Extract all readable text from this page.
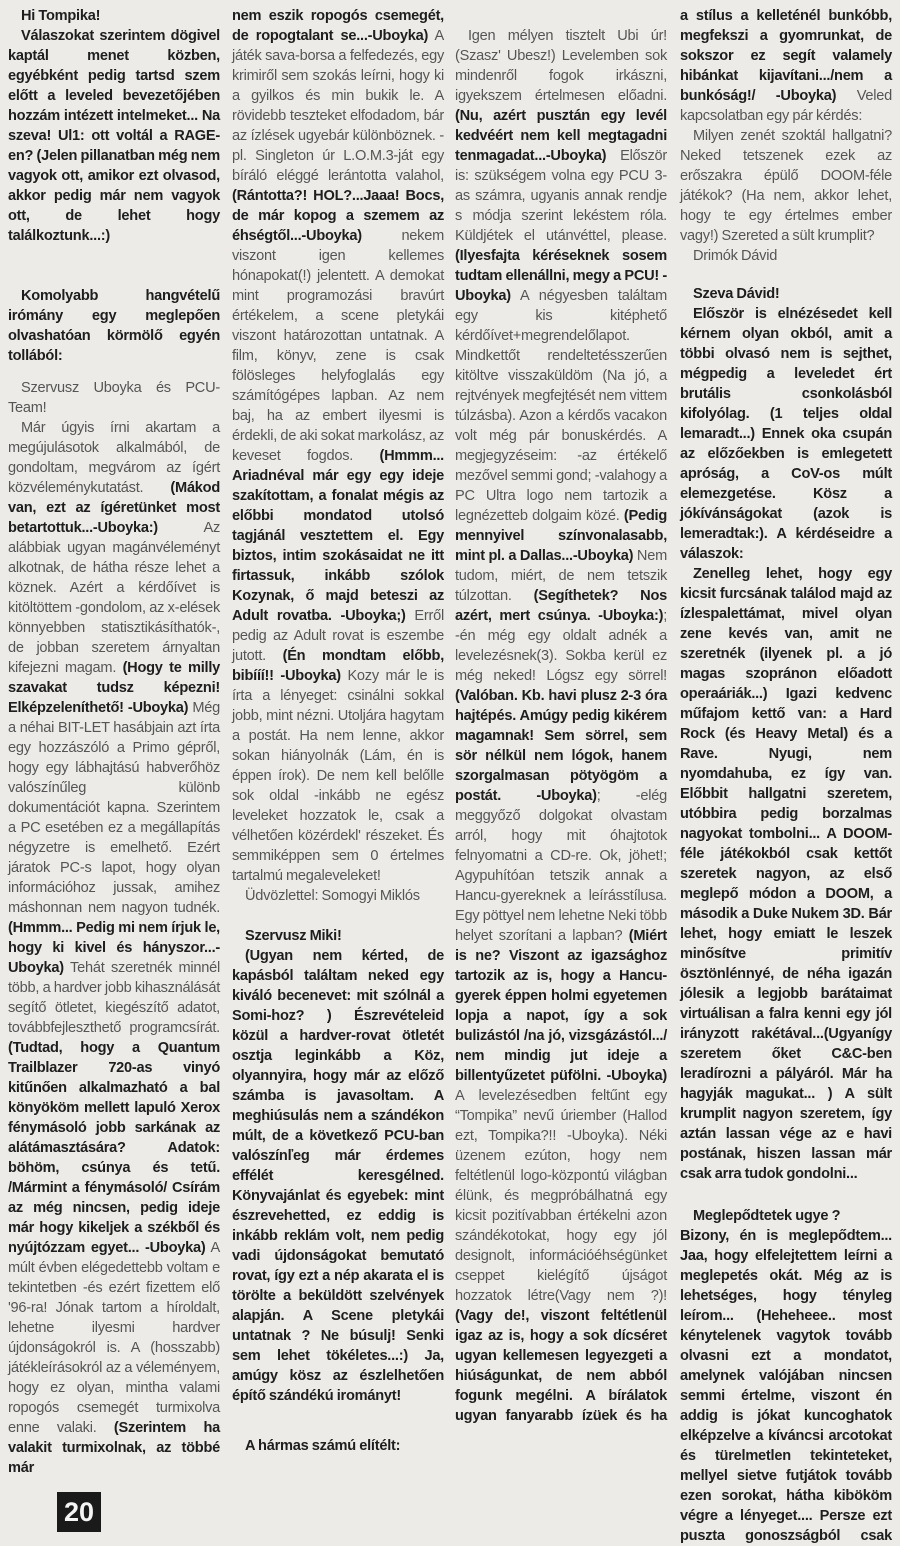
Hi Tompika!

Válaszokat szerintem dögivel kaptál menet közben, egyébként pedig tartsd szem előtt a leveled bevezetőjében hozzám intézett intelmeket... Na szeva! Ul1: ott voltál a RAGE-en? (Jelen pillanatban még nem vagyok ott, amikor ezt olvasod, akkor pedig már nem vagyok ott, de lehet hogy találkoztunk...:)

Komolyabb hangvételű irómány egy meglepően olvashatóan körmölő egyén tollából:

Szervusz Uboyka és PCU-Team!

Már úgyis írni akartam a megújulásotok alkalmából, de gondoltam, megvárom az ígért közvéleménykutatást. (Mákod van, ezt az ígéretünket most betartottuk...-Uboyka:) Az alábbiak ugyan magánvéleményt alkotnak, de hátha része lehet a köznek. Azért a kérdőívet is kitöltöttem -gondolom, az x-elések könnyebben statisztikásíthatók-, de jobban szeretem árnyaltan kifejezni magam. (Hogy te milly szavakat tudsz képezni! Elképzeleníthető! -Uboyka) Még a néhai BIT-LET hasábjain azt írta egy hozzászóló a Primo gépről, hogy egy lábhajtású habverőhöz valószínűleg különb dokumentációt kapna. Szerintem a PC esetében ez a megállapítás négyzetre is emelhető. Ezért járatok PC-s lapot, hogy olyan információhoz jussak, amihez máshonnan nem nagyon tudnék. (Hmmm... Pedig mi nem írjuk le, hogy ki kivel és hányszor...-Uboyka) Tehát szeretnék minnél több, a hardver jobb kihasználását segítő ötletet, kiegészítő adatot, továbbfejleszthető programcsírát. (Tudtad, hogy a Quantum Trailblazer 720-as vinyó kitűnően alkalmazható a bal könyököm mellett lapuló Xerox fénymásoló jobb sarkának az alátámasztására? Adatok: böhöm, csúnya és tetű. /Mármint a fénymásoló/ Csírám az még nincsen, pedig ideje már hogy kikeljek a székből és nyújtózzam egyet... -Uboyka) A múlt évben elégedettebb voltam e tekintetben -és ezért fizettem elő '96-ra! Jónak tartom a híroldalt, lehetne ilyesmi hardver újdonságokról is. A (hosszabb) játékleírásokról az a véleményem, hogy ez olyan, mintha valami ropogós csemegét turmixolva enne valaki. (Szerintem ha valakit turmixolnak, az többé már

20

nem eszik ropogós csemegét, de ropogtalant se...-Uboyka) A játék sava-borsa a felfedezés, egy krimiről sem szokás leírni, hogy ki a gyilkos és min bukik le. A rövidebb teszteket elfodadom, bár az ízlések ugyebár különböznek. -pl. Singleton úr L.O.M.3-ját egy bíráló eléggé lerántotta valahol, (Rántotta?! HOL?...Jaaa! Bocs, de már kopog a szemem az éhségtől...-Uboyka) nekem viszont igen kellemes hónapokat(!) jelentett. A demokat mint programozási bravúrt értékelem, a scene pletykái viszont határozottan untatnak. A film, könyv, zene is csak fölösleges helyfoglalás egy számítógépes lapban. Az nem baj, ha az embert ilyesmi is érdekli, de aki sokat markolász, az keveset fogdos. (Hmmm... Ariadnéval már egy egy ideje szakítottam, a fonalat mégis az előbbi mondatod utolsó tagjánál vesztettem el. Egy biztos, intim szokásaidat ne itt firtassuk, inkább szólok Kozynak, ő majd beteszi az Adult rovatba. -Uboyka;) Erről pedig az Adult rovat is eszembe jutott. (Én mondtam előbb, bibííí!! -Uboyka) Kozy már le is írta a lényeget: csinálni sokkal jobb, mint nézni. Utoljára hagytam a postát. Ha nem lenne, akkor sokan hiányolnák (Lám, én is éppen írok). De nem kell belőlle sok oldal -inkább ne egész leveleket hozzatok le, csak a vélhetően közérdekl' részeket. És semmiképpen sem 0 értelmes tartalmú megaleveleket!

Üdvözlettel: Somogyi Miklós

Szervusz Miki!

(Ugyan nem kérted, de kapásból találtam neked egy kiváló becenevet: mit szólnál a Somi-hoz? ) Észrevételeid közül a hardver-rovat ötletét osztja leginkább a Köz, olyannyira, hogy már az előző számba is javasoltam. A meghiúsulás nem a szándékon múlt, de a következő PCU-ban valószínľeg már érdemes effélét keresgélned. Könyvajánlat és egyebek: mint észrevehetted, ez eddig is inkább reklám volt, nem pedig vadi újdonságokat bemutató rovat, így ezt a nép akarata el is törölte a beküldött szelvények alapján. A Scene pletykái untatnak ? Ne búsulj! Senki sem lehet tökéletes...:) Ja, amúgy kösz az észlelhetően építő szándékú irományt!

A hármas számú elítélt:

Igen mélyen tisztelt Ubi úr! (Szasz' Ubesz!) Levelemben sok mindenről fogok irkászni, igyekszem értelmesen előadni. (Nu, azért pusztán egy levél kedvéért nem kell megtagadni tenmagadat...-Uboyka) Először is: szükségem volna egy PCU 3-as számra, ugyanis annak rendje s módja szerint lekéstem róla. Küldjétek el utánvéttel, please. (Ilyesfajta kéréseknek sosem tudtam ellenállni, megy a PCU! -Uboyka) A négyesben találtam egy kis kitéphető kérdőívet+megrendelőlapot. Mindkettőt rendeltetésszerűen kitöltve visszaküldöm (Na jó, a rejtvények megfejtését nem vittem túlzásba). Azon a kérdős vacakon volt még pár bonuskérdés. A megjegyzéseim: -az értékelő mezővel semmi gond; -valahogy a PC Ultra logo nem tartozik a legnézetteb dolgaim közé. (Pedig mennyivel színvonalasabb, mint pl. a Dallas...-Uboyka) Nem tudom, miért, de nem tetszik túlzottan. (Segíthetek? Nos azért, mert csúnya. -Uboyka:); -én még egy oldalt adnék a levelezésnek(3). Sokba kerül ez még neked! Lógsz egy sörrel! (Valóban. Kb. havi plusz 2-3 óra hajtépés. Amúgy pedig kikérem magamnak! Sem sörrel, sem sör nélkül nem lógok, hanem szorgalmasan pötyögöm a postát. -Uboyka); -elég meggyőző dolgokat olvastam arról, hogy mit óhajtotok felnyomatni a CD-re. Ok, jöhet!; Agypuhítóan tetszik annak a Hancu-gyereknek a leírásstílusa. Egy pöttyel nem lehetne Neki több helyet szorítani a lapban? (Miért is ne? Viszont az igazsághoz tartozik az is, hogy a Hancu-gyerek éppen holmi egyetemen lopja a napot, így a sok bulizástól /na jó, vizsgázástól.../ nem mindig jut ideje a billentyűzetet püfölni. -Uboyka) A levelezésedben feltűnt egy “Tompika” nevű úriember (Hallod ezt, Tompika?!! -Uboyka). Néki üzenem ezúton, hogy nem feltétlenül logo-központú világban élünk, és megpróbálhatná egy kicsit pozitívabban értékelni azon szándékotokat, hogy egy jól designolt, információéhségünket cseppet kielégítő újságot hozzatok létre(Vagy nem ?)! (Vagy de!, viszont feltétlenül igaz az is, hogy a sok dícséret ugyan kellemesen legyezgeti a hiúságunkat, de nem abból fogunk megélni. A bírálatok ugyan fanyarabb ízüek és ha

a stílus a kelleténél bunkóbb, megfekszi a gyomrunkat, de sokszor ez segít valamely hibánkat kijavítani.../nem a bunkóság!/ -Uboyka) Veled kapcsolatban egy pár kérdés:

Milyen zenét szoktál hallgatni? Neked tetszenek ezek az erőszakra épülő DOOM-féle játékok? (Ha nem, akkor lehet, hogy te egy értelmes ember vagy!) Szereted a sült krumplit?

Drimók Dávid

Szeva Dávid!

Először is elnézésedet kell kérnem olyan okból, amit a többi olvasó nem is sejthet, mégpedig a leveledet ért brutális csonkolásból kifolyólag. (1 teljes oldal lemaradt...) Ennek oka csupán az előzőekben is emlegetett apróság, a CoV-os múlt elemezgetése. Kösz a jókívánságokat (azok is lemeradtak:). A kérdéseidre a válaszok:

Zenelleg lehet, hogy egy kicsit furcsának találod majd az ízlespalettámat, mivel olyan zene kevés van, amit ne szeretnék (ilyenek pl. a jó magas szopránon előadott operaáriák...) Igazi kedvenc műfajom kettő van: a Hard Rock (és Heavy Metal) és a Rave. Nyugi, nem nyomdahuba, ez így van. Előbbit hallgatni szeretem, utóbbira pedig borzalmas nagyokat tombolni... A DOOM-féle játékokból csak kettőt szeretek nagyon, az első meglepő módon a DOOM, a második a Duke Nukem 3D. Bár lehet, hogy emiatt le leszek minősítve primitív ösztönlénnyé, de néha igazán jólesik a legjobb barátaimat virtuálisan a falra kenni egy jól irányzott rakétával...(Ugyanígy szeretem őket C&C-ben leradírozni a pályáról. Már ha hagyják magukat... ) A sült krumplit nagyon szeretem, így aztán lassan vége az e havi postának, hiszen lassan már csak arra tudok gondolni...

Meglepődtetek ugye ?

Bizony, én is meglepődtem... Jaa, hogy elfelejtettem leírni a meglepetés okát. Még az is lehetséges, hogy tényleg leírom... (Heheheee.. most kénytelenek vagytok tovább olvasni ezt a mondatot, amelynek valójában nincsen semmi értelme, viszont én addig is jókat kuncoghatok elképzelve a kíváncsi arcotokat és türelmetlen tekinteteket, mellyel sietve futjátok tovább ezen sorokat, hátha kibököm végre a lényeget.... Persze ezt puszta gonoszságból csak
